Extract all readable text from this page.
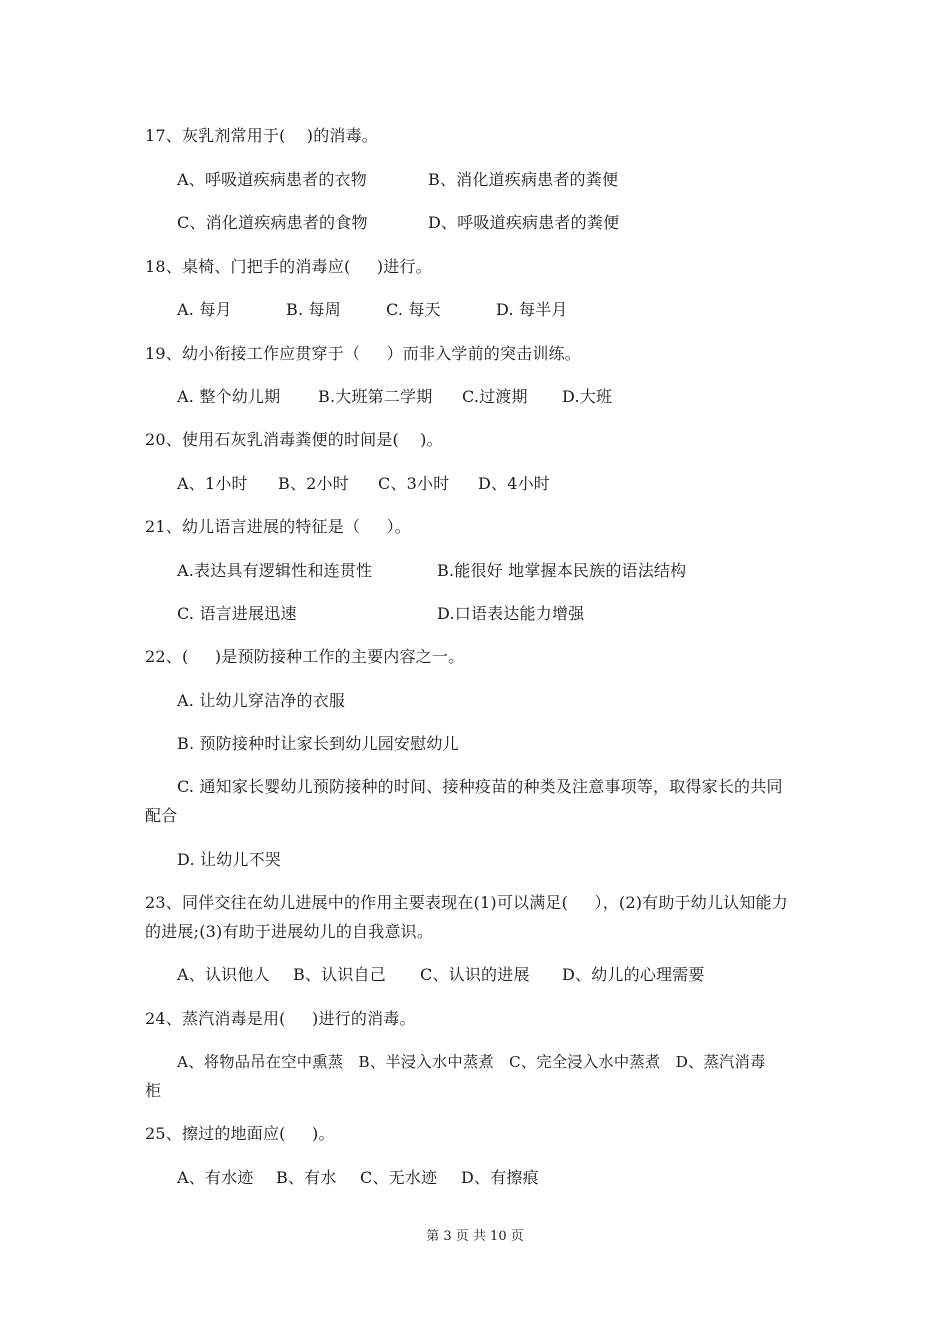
17、灰乳剂常用于(    )的消毒。
A、呼吸道疾病患者的衣物	B、消化道疾病患者的粪便
C、消化道疾病患者的食物	D、呼吸道疾病患者的粪便
18、桌椅、门把手的消毒应(     )进行。
A. 每月	B. 每周	C. 每天	D. 每半月
19、幼小衔接工作应贯穿于（     ）而非入学前的突击训练。
A. 整个幼儿期 B.大班第二学期 C.过渡期 D.大班
20、使用石灰乳消毒粪便的时间是(    )。
A、1小时 B、2小时 C、3小时 D、4小时
21、幼儿语言进展的特征是（     ）。
A.表达具有逻辑性和连贯性	B.能很好 地掌握本民族的语法结构
C. 语言进展迅速	D.口语表达能力增强
22、(     )是预防接种工作的主要内容之一。
A. 让幼儿穿洁净的衣服
B. 预防接种时让家长到幼儿园安慰幼儿
C. 通知家长婴幼儿预防接种的时间、接种疫苗的种类及注意事项等，取得家长的共同
配合
D. 让幼儿不哭
23、同伴交往在幼儿进展中的作用主要表现在(1)可以满足(     ），(2)有助于幼儿认知能力
的进展;(3)有助于进展幼儿的自我意识。
A、认识他人 B、认识自己 C、认识的进展 D、幼儿的心理需要
24、蒸汽消毒是用(     )进行的消毒。
A、将物品吊在空中熏蒸   B、半浸入水中蒸煮   C、完全浸入水中蒸煮   D、蒸汽消毒
柜
25、擦过的地面应(     )。
A、有水迹 B、有水 C、无水迹 D、有擦痕
第 3 页 共 10 页
